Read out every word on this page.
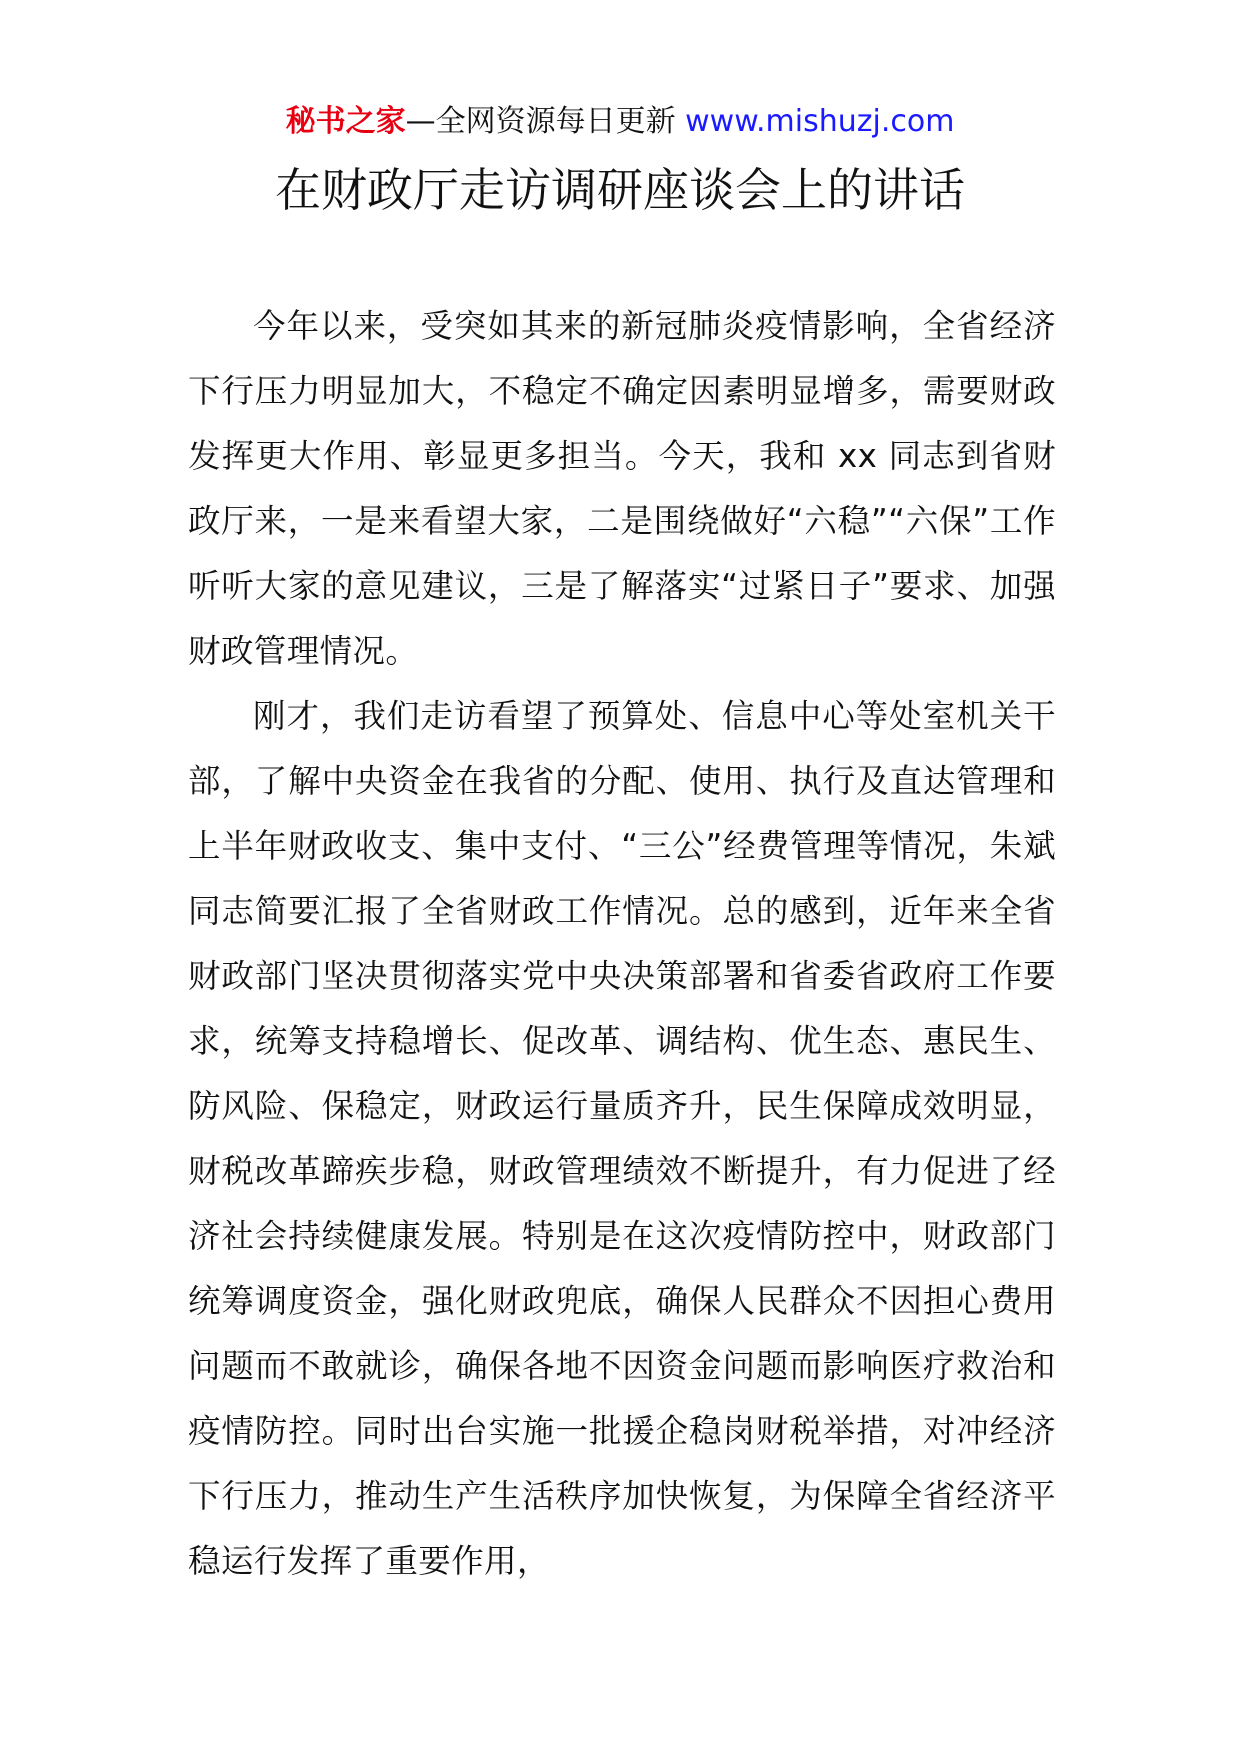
秘书之家—全网资源每日更新 www.mishuzj.com
在财政厅走访调研座谈会上的讲话

今年以来，受突如其来的新冠肺炎疫情影响，全省经济下行压力明显加大，不稳定不确定因素明显增多，需要财政发挥更大作用、彰显更多担当。今天，我和 xx 同志到省财政厅来，一是来看望大家，二是围绕做好“六稳”“六保”工作听听大家的意见建议，三是了解落实“过紧日子”要求、加强财政管理情况。

刚才，我们走访看望了预算处、信息中心等处室机关干部，了解中央资金在我省的分配、使用、执行及直达管理和上半年财政收支、集中支付、“三公”经费管理等情况，朱斌同志简要汇报了全省财政工作情况。总的感到，近年来全省财政部门坚决贯彻落实党中央决策部署和省委省政府工作要求，统筹支持稳增长、促改革、调结构、优生态、惠民生、防风险、保稳定，财政运行量质齐升，民生保障成效明显，财税改革蹄疾步稳，财政管理绩效不断提升，有力促进了经济社会持续健康发展。特别是在这次疫情防控中，财政部门统筹调度资金，强化财政兜底，确保人民群众不因担心费用问题而不敢就诊，确保各地不因资金问题而影响医疗救治和疫情防控。同时出台实施一批援企稳岗财税举措，对冲经济下行压力，推动生产生活秩序加快恢复，为保障全省经济平稳运行发挥了重要作用，
